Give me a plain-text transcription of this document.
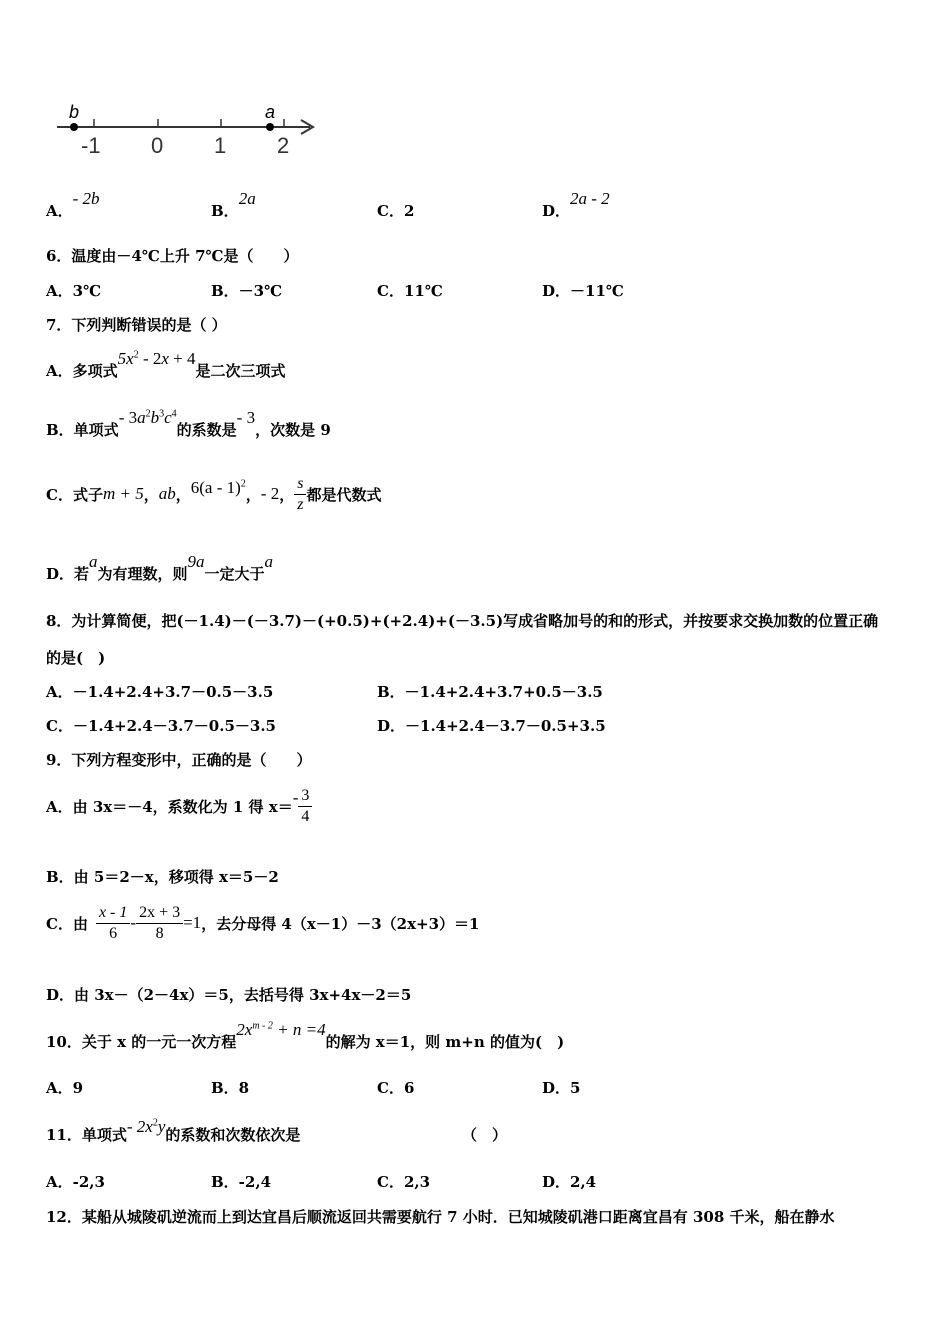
b	a
-1 0 1 2
A．- 2b
B．2a
C．2	D．2a - 2
6．温度由－4℃上升 7℃是（　　）
A．3℃	B．－3℃	C．11℃	D．－11℃
7．下列判断错误的是（ ）
A．多项式$5x^2 - 2x + 4$是二次三项式
B．单项式- $3a^2b^3c^4$的系数是- 3，次数是 9
C．式子 m + 5 ， ab ， 6(a - 1)$^2$
， - 2 ， $\frac{s}{z}$ 都是代数式
D．若a为有理数，则9a一定大于a
8．为计算简便，把(－1.4)－(－3.7)－(+0.5)+(+2.4)+(－3.5)写成省略加号的和的形式，并按要求交换加数的位置正确
的是(　)
A．－1.4+2.4+3.7－0.5－3.5	B．－1.4+2.4+3.7+0.5－3.5
C．－1.4+2.4－3.7－0.5－3.5	D．－1.4+2.4－3.7－0.5+3.5
9．下列方程变形中，正确的是（　　）
A．由 3x＝－4，系数化为 1 得 $x= - \frac{3}{4}$
B．由 5＝2－x，移项得 x＝5－2
C．由 $\frac{x - 1}{6} - \frac{2x + 3}{8} =1$ ，去分母得 4（x－1）－3（2x+3）＝1
D．由 3x－（2－4x）＝5，去括号得 3x+4x－2＝5
10．关于 x 的一元一次方程$2x^{m - 2} + n =4$的解为 x＝1，则 m+n 的值为(　)
A．9	B．8	C．6	D．5
11．单项式- $2x^2y$的系数和次数依次是	（　）
A．-2,3	B．-2,4	C．2,3	D．2,4
12．某船从城陵矶逆流而上到达宜昌后顺流返回共需要航行 7 小时．已知城陵矶港口距离宜昌有 308 千米，船在静水
